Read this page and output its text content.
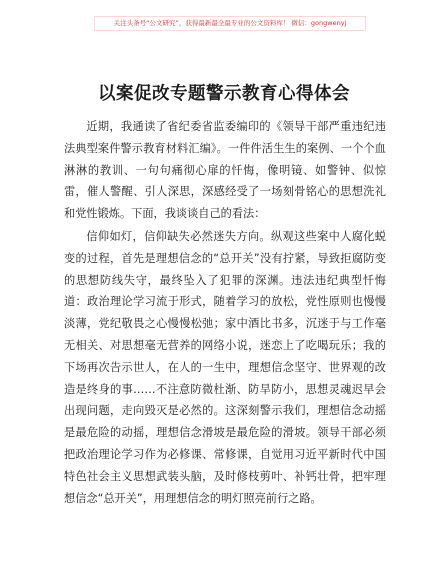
关注头条号“公文研究”，获得最新最全最专业的公文资料库！ 微信：gongwenyj
以案促改专题警示教育心得体会

近期，我通读了省纪委省监委编印的《领导干部严重违纪违法典型案件警示教育材料汇编》。一件件活生生的案例、一个个血淋淋的教训、一句句痛彻心扉的忏悔，像明镜、如警钟、似惊雷，催人警醒、引人深思，深感经受了一场刻骨铭心的思想洗礼和党性锻炼。下面，我谈谈自己的看法：

信仰如灯，信仰缺失必然迷失方向。纵观这些案中人腐化蜕变的过程，首先是理想信念的“总开关”没有拧紧，导致拒腐防变的思想防线失守，最终坠入了犯罪的深渊。违法违纪典型忏悔道：政治理论学习流于形式，随着学习的放松，党性原则也慢慢淡薄，党纪敬畏之心慢慢松弛；家中酒比书多，沉迷于与工作毫无相关、对思想毫无营养的网络小说，迷恋上了吃喝玩乐；我的下场再次告示世人，在人的一生中，理想信念坚守、世界观的改造是终身的事……不注意防微杜渐、防旱防小，思想灵魂迟早会出现问题，走向毁灭是必然的。这深刻警示我们，理想信念动摇是最危险的动摇，理想信念滑坡是最危险的滑坡。领导干部必须把政治理论学习作为必修课、常修课，自觉用习近平新时代中国特色社会主义思想武装头脑，及时修枝剪叶、补钙壮骨，把牢理想信念“总开关”，用理想信念的明灯照亮前行之路。
